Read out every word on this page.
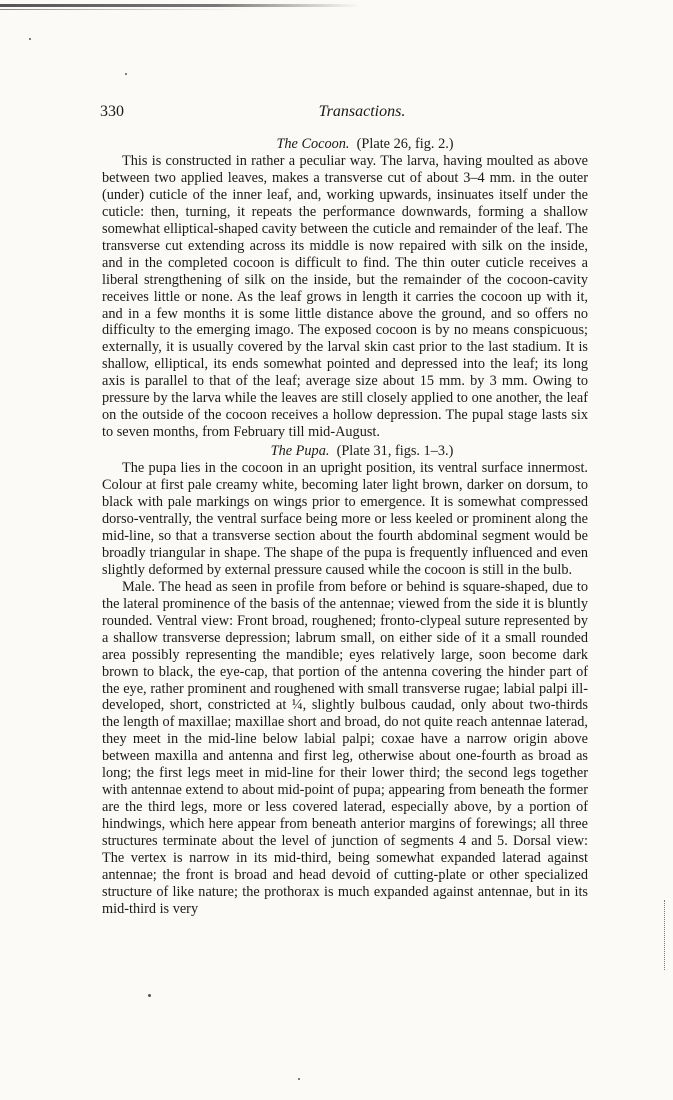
330	Transactions.
The Cocoon. (Plate 26, fig. 2.)

This is constructed in rather a peculiar way. The larva, having moulted as above between two applied leaves, makes a transverse cut of about 3–4 mm. in the outer (under) cuticle of the inner leaf, and, working upwards, insinuates itself under the cuticle: then, turning, it repeats the performance downwards, forming a shallow somewhat elliptical-shaped cavity between the cuticle and remainder of the leaf. The transverse cut extending across its middle is now repaired with silk on the inside, and in the completed cocoon is difficult to find. The thin outer cuticle receives a liberal strengthening of silk on the inside, but the remainder of the cocoon-cavity receives little or none. As the leaf grows in length it carries the cocoon up with it, and in a few months it is some little distance above the ground, and so offers no difficulty to the emerging imago. The exposed cocoon is by no means conspicuous; externally, it is usually covered by the larval skin cast prior to the last stadium. It is shallow, elliptical, its ends somewhat pointed and depressed into the leaf; its long axis is parallel to that of the leaf; average size about 15 mm. by 3 mm. Owing to pressure by the larva while the leaves are still closely applied to one another, the leaf on the outside of the cocoon receives a hollow depression. The pupal stage lasts six to seven months, from February till mid-August.

The Pupa. (Plate 31, figs. 1–3.)

The pupa lies in the cocoon in an upright position, its ventral surface innermost. Colour at first pale creamy white, becoming later light brown, darker on dorsum, to black with pale markings on wings prior to emergence. It is somewhat compressed dorso-ventrally, the ventral surface being more or less keeled or prominent along the mid-line, so that a transverse section about the fourth abdominal segment would be broadly triangular in shape. The shape of the pupa is frequently influenced and even slightly deformed by external pressure caused while the cocoon is still in the bulb.

Male. The head as seen in profile from before or behind is square-shaped, due to the lateral prominence of the basis of the antennae; viewed from the side it is bluntly rounded. Ventral view: Front broad, roughened; fronto-clypeal suture represented by a shallow transverse depression; labrum small, on either side of it a small rounded area possibly representing the mandible; eyes relatively large, soon become dark brown to black, the eye-cap, that portion of the antenna covering the hinder part of the eye, rather prominent and roughened with small transverse rugae; labial palpi ill-developed, short, constricted at ¼, slightly bulbous caudad, only about two-thirds the length of maxillae; maxillae short and broad, do not quite reach antennae laterad, they meet in the mid-line below labial palpi; coxae have a narrow origin above between maxilla and antenna and first leg, otherwise about one-fourth as broad as long; the first legs meet in mid-line for their lower third; the second legs together with antennae extend to about mid-point of pupa; appearing from beneath the former are the third legs, more or less covered laterad, especially above, by a portion of hindwings, which here appear from beneath anterior margins of forewings; all three structures terminate about the level of junction of segments 4 and 5. Dorsal view: The vertex is narrow in its mid-third, being somewhat expanded laterad against antennae; the front is broad and head devoid of cutting-plate or other specialized structure of like nature; the prothorax is much expanded against antennae, but in its mid-third is very
